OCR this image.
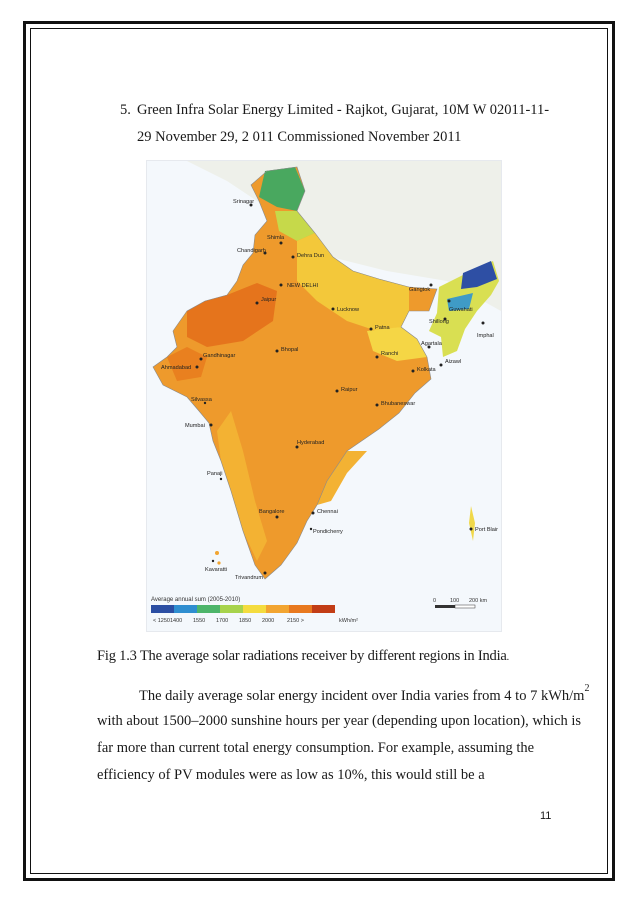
5. Green Infra Solar Energy Limited - Rajkot, Gujarat, 10M W 02011-11-
29 November 29, 2 011 Commissioned November 2011
Srinagar
Shimla
Chandigarh
Dehra Dun
NEW DELHI
Jaipur
Lucknow
Gangtok
Guwahati
Shillong
Imphal
Patna
Agartala
Aizawl
Gandhinagar
Ahmadabad
Bhopal
Ranchi
Kolkata
Raipur
Silvassa
Bhubaneswar
Mumbai
Hyderabad
Panaji
Bangalore	Chennai
Pondicherry
Kavaratti
Port Blair
Trivandrum
Average annual sum (2005-2010)
< 1250 1400 1550 1700 1850 2000 2150 >	kWh/m²
0	100 200 km
Fig 1.3 The average solar radiations receiver by different regions in India.
The daily average solar energy incident over India varies from 4 to 7 kWh/$m^2$
with about 1500–2000 sunshine hours per year (depending upon location), which is
far more than current total energy consumption. For example, assuming the
efficiency of PV modules were as low as 10%, this would still be a
11
